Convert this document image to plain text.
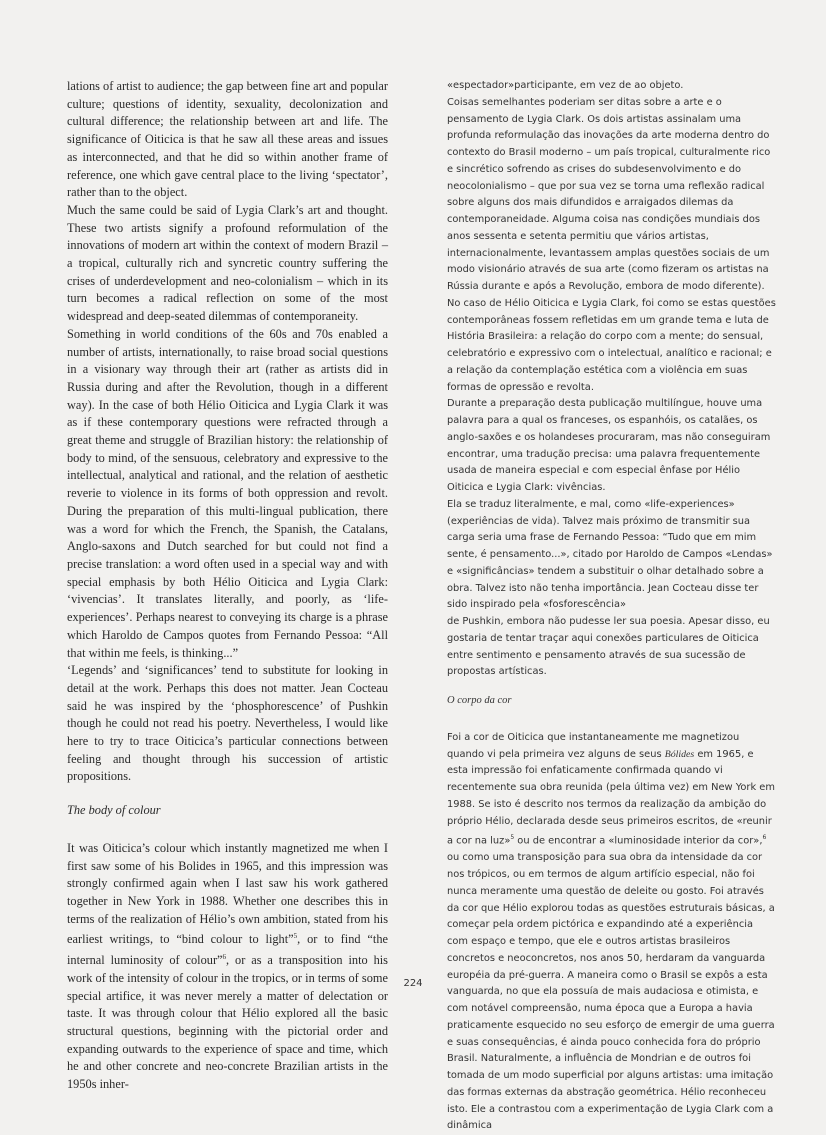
lations of artist to audience; the gap between fine art and popular culture; questions of identity, sexuality, decolonization and cultural difference; the relationship between art and life. The significance of Oiticica is that he saw all these areas and issues as interconnected, and that he did so within another frame of reference, one which gave central place to the living ‘spectator’, rather than to the object.

Much the same could be said of Lygia Clark’s art and thought. These two artists signify a profound reformulation of the innovations of modern art within the context of modern Brazil – a tropical, culturally rich and syncretic country suffering the crises of underdevelopment and neo-colonialism – which in its turn becomes a radical reflection on some of the most widespread and deep-seated dilemmas of contemporaneity.

Something in world conditions of the 60s and 70s enabled a number of artists, internationally, to raise broad social questions in a visionary way through their art (rather as artists did in Russia during and after the Revolution, though in a different way). In the case of both Hélio Oiticica and Lygia Clark it was as if these contemporary questions were refracted through a great theme and struggle of Brazilian history: the relationship of body to mind, of the sensuous, celebratory and expressive to the intellectual, analytical and rational, and the relation of aesthetic reverie to violence in its forms of both oppression and revolt. During the preparation of this multi-lingual publication, there was a word for which the French, the Spanish, the Catalans, Anglo-saxons and Dutch searched for but could not find a precise translation: a word often used in a special way and with special emphasis by both Hélio Oiticica and Lygia Clark: ‘vivencias’. It translates literally, and poorly, as ‘life-experiences’. Perhaps nearest to conveying its charge is a phrase which Haroldo de Campos quotes from Fernando Pessoa: “All that within me feels, is thinking...”

‘Legends’ and ‘significances’ tend to substitute for looking in detail at the work. Perhaps this does not matter. Jean Cocteau said he was inspired by the ‘phosphorescence’ of Pushkin though he could not read his poetry. Nevertheless, I would like here to try to trace Oiticica’s particular connections between feeling and thought through his succession of artistic propositions.

The body of colour

It was Oiticica’s colour which instantly magnetized me when I first saw some of his Bolides in 1965, and this impression was strongly confirmed again when I last saw his work gathered together in New York in 1988. Whether one describes this in terms of the realization of Hélio’s own ambition, stated from his earliest writings, to “bind colour to light”$^5$, or to find “the internal luminosity of colour”$^6$, or as a transposition into his work of the intensity of colour in the tropics, or in terms of some special artifice, it was never merely a matter of delectation or taste. It was through colour that Hélio explored all the basic structural questions, beginning with the pictorial order and expanding outwards to the experience of space and time, which he and other concrete and neo-concrete Brazilian artists in the 1950s inher-

«espectador»participante, em vez de ao objeto.

Coisas semelhantes poderiam ser ditas sobre a arte e o pensamento de Lygia Clark. Os dois artistas assinalam uma profunda reformulação das inovações da arte moderna dentro do contexto do Brasil moderno – um país tropical, culturalmente rico e sincrético sofrendo as crises do subdesenvolvimento e do neocolonialismo – que por sua vez se torna uma reflexão radical sobre alguns dos mais difundidos e arraigados dilemas da contemporaneidade. Alguma coisa nas condições mundiais dos anos sessenta e setenta permitiu que vários artistas, internacionalmente, levantassem amplas questões sociais de um modo visionário através de sua arte (como fizeram os artistas na Rússia durante e após a Revolução, embora de modo diferente).

No caso de Hélio Oiticica e Lygia Clark, foi como se estas questões contemporâneas fossem refletidas em um grande tema e luta de História Brasileira: a relação do corpo com a mente; do sensual, celebratório e expressivo com o intelectual, analítico e racional; e a relação da contemplação estética com a violência em suas formas de opressão e revolta.

Durante a preparação desta publicação multilíngue, houve uma palavra para a qual os franceses, os espanhóis, os catalães, os anglo-saxões e os holandeses procuraram, mas não conseguiram encontrar, uma tradução precisa: uma palavra frequentemente usada de maneira especial e com especial ênfase por Hélio Oiticica e Lygia Clark: vivências.

Ela se traduz literalmente, e mal, como «life-experiences» (experiências de vida). Talvez mais próximo de transmitir sua carga seria uma frase de Fernando Pessoa: “Tudo que em mim sente, é pensamento...», citado por Haroldo de Campos «Lendas» e «significâncias» tendem a substituir o olhar detalhado sobre a obra. Talvez isto não tenha importância. Jean Cocteau disse ter sido inspirado pela «fosforescência»

de Pushkin, embora não pudesse ler sua poesia. Apesar disso, eu gostaria de tentar traçar aqui conexões particulares de Oiticica entre sentimento e pensamento através de sua sucessão de propostas artísticas.

O corpo da cor

Foi a cor de Oiticica que instantaneamente me magnetizou quando vi pela primeira vez alguns de seus Bólides em 1965, e esta impressão foi enfaticamente confirmada quando vi recentemente sua obra reunida (pela última vez) em New York em 1988. Se isto é descrito nos termos da realização da ambição do próprio Hélio, declarada desde seus primeiros escritos, de «reunir a cor na luz»$^5$ ou de encontrar a «luminosidade interior da cor»,$^6$ ou como uma transposição para sua obra da intensidade da cor nos trópicos, ou em termos de algum artifício especial, não foi nunca meramente uma questão de deleite ou gosto. Foi através da cor que Hélio explorou todas as questões estruturais básicas, a começar pela ordem pictórica e expandindo até a experiência com espaço e tempo, que ele e outros artistas brasileiros concretos e neoconcretos, nos anos 50, herdaram da vanguarda européia da pré-guerra. A maneira como o Brasil se expôs a esta vanguarda, no que ela possuía de mais audaciosa e otimista, e com notável compreensão, numa época que a Europa a havia praticamente esquecido no seu esforço de emergir de uma guerra e suas consequências, é ainda pouco conhecida fora do próprio Brasil. Naturalmente, a influência de Mondrian e de outros foi tomada de um modo superficial por alguns artistas: uma imitação das formas externas da abstração geométrica. Hélio reconheceu isto. Ele a contrastou com a experimentação de Lygia Clark com a dinâmica

224
